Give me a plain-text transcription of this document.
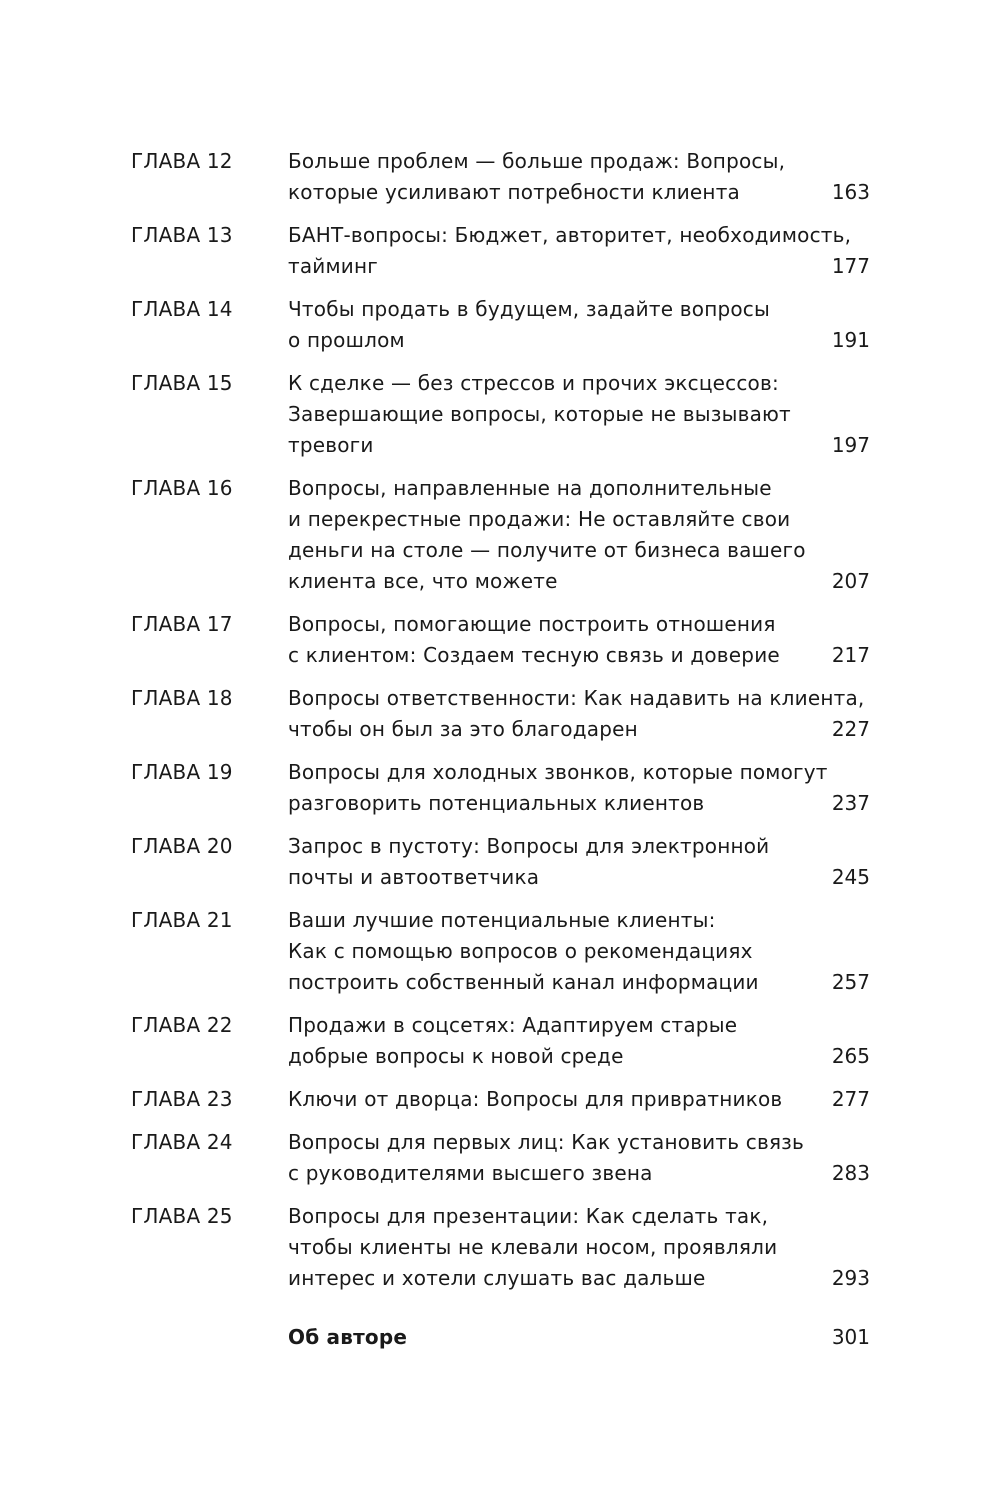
ГЛАВА 12	Больше проблем — больше продаж: Вопросы,
которые усиливают потребности клиента	163
ГЛАВА 13	БАНТ-вопросы: Бюджет, авторитет, необходимость,
тайминг	177
ГЛАВА 14	Чтобы продать в будущем, задайте вопросы
о прошлом	191
ГЛАВА 15	К сделке — без стрессов и прочих эксцессов:
Завершающие вопросы, которые не вызывают
тревоги	197
ГЛАВА 16	Вопросы, направленные на дополнительные
и перекрестные продажи: Не оставляйте свои
деньги на столе — получите от бизнеса вашего
клиента все, что можете	207
ГЛАВА 17	Вопросы, помогающие построить отношения
с клиентом: Создаем тесную связь и доверие	217
ГЛАВА 18	Вопросы ответственности: Как надавить на клиента,
чтобы он был за это благодарен	227
ГЛАВА 19	Вопросы для холодных звонков, которые помогут
разговорить потенциальных клиентов	237
ГЛАВА 20	Запрос в пустоту: Вопросы для электронной
почты и автоответчика	245
ГЛАВА 21	Ваши лучшие потенциальные клиенты:
Как с помощью вопросов о рекомендациях
построить собственный канал информации	257
ГЛАВА 22	Продажи в соцсетях: Адаптируем старые
добрые вопросы к новой среде	265
ГЛАВА 23	Ключи от дворца: Вопросы для привратников 277
ГЛАВА 24	Вопросы для первых лиц: Как установить связь
с руководителями высшего звена	283
ГЛАВА 25	Вопросы для презентации: Как сделать так,
чтобы клиенты не клевали носом, проявляли
интерес и хотели слушать вас дальше	293
Об авторе	301
